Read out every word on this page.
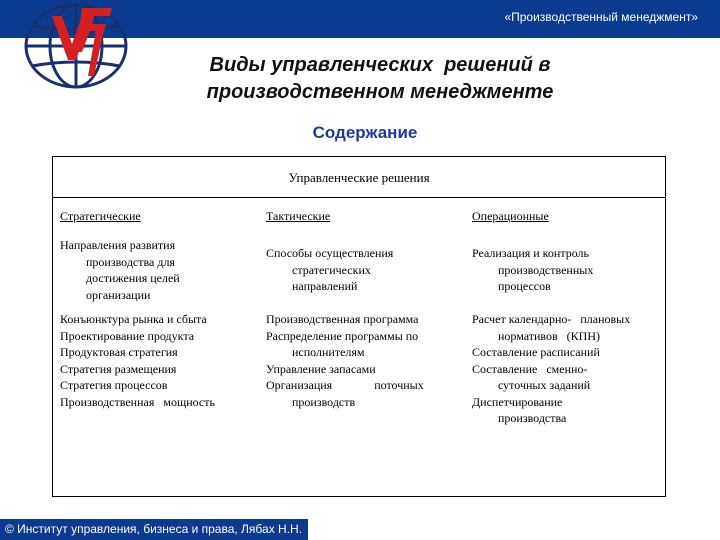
«Производственный менеджмент»
Виды управленческих  решений в
производственном менеджменте
Содержание
Управленческие решения
Стратегические	Тактические	Операционные
Направления развития
производства для
достижения целей
организации
Способы осуществления
стратегических
направлений
Реализация и контроль
производственных
процессов
Конъюнктура рынка и сбыта
Проектирование продукта
Продуктовая стратегия
Стратегия размещения
Стратегия процессов
Производственная   мощность
Производственная программа
Распределение программы по
исполнителям
Управление запасами
Организация              поточных
производств
Расчет календарно-   плановых
нормативов   (КПН)
Составление расписаний
Составление   сменно-
суточных заданий
Диспетчирование
производства
© Институт управления, бизнеса и права, Лябах Н.Н.
